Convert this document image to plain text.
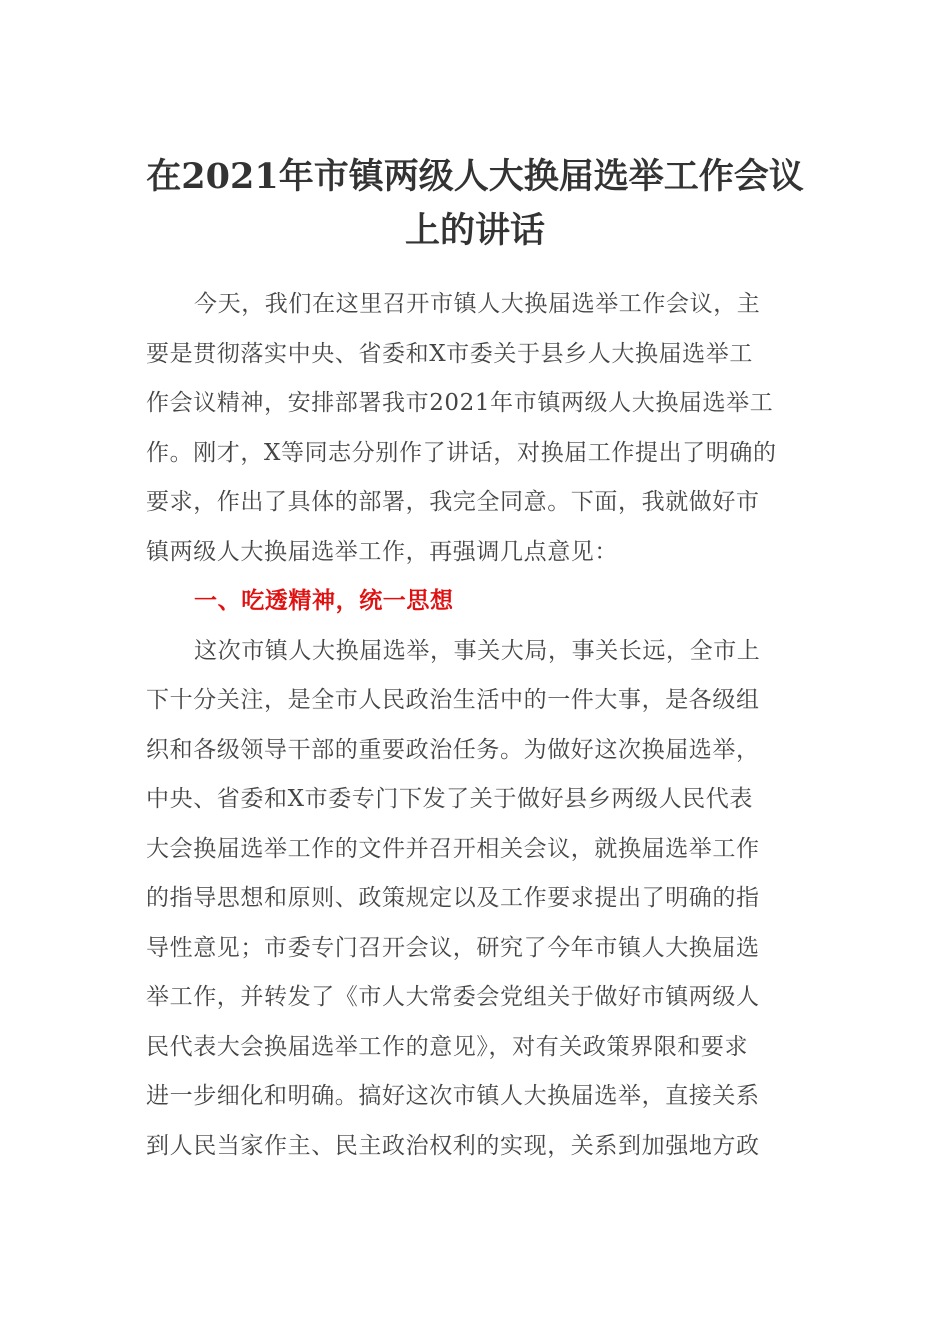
在2021年市镇两级人大换届选举工作会议
上的讲话
今天，我们在这里召开市镇人大换届选举工作会议，主
要是贯彻落实中央、省委和X市委关于县乡人大换届选举工
作会议精神，安排部署我市2021年市镇两级人大换届选举工
作。刚才，X等同志分别作了讲话，对换届工作提出了明确的
要求，作出了具体的部署，我完全同意。下面，我就做好市
镇两级人大换届选举工作，再强调几点意见：
一、吃透精神，统一思想
这次市镇人大换届选举，事关大局，事关长远，全市上
下十分关注，是全市人民政治生活中的一件大事，是各级组
织和各级领导干部的重要政治任务。为做好这次换届选举，
中央、省委和X市委专门下发了关于做好县乡两级人民代表
大会换届选举工作的文件并召开相关会议，就换届选举工作
的指导思想和原则、政策规定以及工作要求提出了明确的指
导性意见；市委专门召开会议，研究了今年市镇人大换届选
举工作，并转发了《市人大常委会党组关于做好市镇两级人
民代表大会换届选举工作的意见》，对有关政策界限和要求
进一步细化和明确。搞好这次市镇人大换届选举，直接关系
到人民当家作主、民主政治权利的实现，关系到加强地方政
